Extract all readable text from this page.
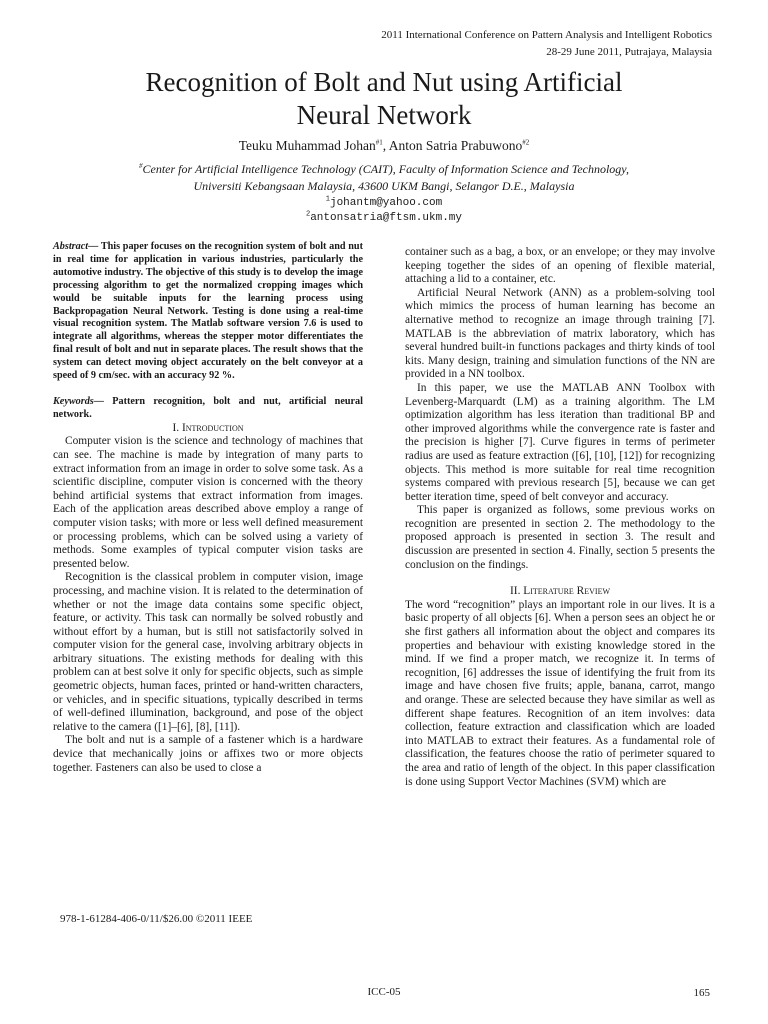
2011 International Conference on Pattern Analysis and Intelligent Robotics
28-29 June 2011, Putrajaya, Malaysia
Recognition of Bolt and Nut using Artificial
Neural Network
Teuku Muhammad Johan$^{\#1}$, Anton Satria Prabuwono$^{\#2}$
#Center for Artificial Intelligence Technology (CAIT), Faculty of Information Science and Technology,
Universiti Kebangsaan Malaysia, 43600 UKM Bangi, Selangor D.E., Malaysia
$^1$johantm@yahoo.com
$^2$antonsatria@ftsm.ukm.my

Abstract— This paper focuses on the recognition system of bolt and nut in real time for application in various industries, particularly the automotive industry. The objective of this study is to develop the image processing algorithm to get the normalized cropping images which would be suitable inputs for the learning process using Backpropagation Neural Network. Testing is done using a real-time visual recognition system. The Matlab software version 7.6 is used to integrate all algorithms, whereas the stepper motor differentiates the final result of bolt and nut in separate places. The result shows that the system can detect moving object accurately on the belt conveyor at a speed of 9 cm/sec. with an accuracy 92 %.

Keywords— Pattern recognition, bolt and nut, artificial neural network.

I. Introduction

Computer vision is the science and technology of machines that can see. The machine is made by integration of many parts to extract information from an image in order to solve some task. As a scientific discipline, computer vision is concerned with the theory behind artificial systems that extract information from images. Each of the application areas described above employ a range of computer vision tasks; with more or less well defined measurement or processing problems, which can be solved using a variety of methods. Some examples of typical computer vision tasks are presented below.

Recognition is the classical problem in computer vision, image processing, and machine vision. It is related to the determination of whether or not the image data contains some specific object, feature, or activity. This task can normally be solved robustly and without effort by a human, but is still not satisfactorily solved in computer vision for the general case, involving arbitrary objects in arbitrary situations. The existing methods for dealing with this problem can at best solve it only for specific objects, such as simple geometric objects, human faces, printed or hand-written characters, or vehicles, and in specific situations, typically described in terms of well-defined illumination, background, and pose of the object relative to the camera ([1]–[6], [8], [11]).

The bolt and nut is a sample of a fastener which is a hardware device that mechanically joins or affixes two or more objects together. Fasteners can also be used to close a

container such as a bag, a box, or an envelope; or they may involve keeping together the sides of an opening of flexible material, attaching a lid to a container, etc.

Artificial Neural Network (ANN) as a problem-solving tool which mimics the process of human learning has become an alternative method to recognize an image through training [7]. MATLAB is the abbreviation of matrix laboratory, which has several hundred built-in functions packages and thirty kinds of tool kits. Many design, training and simulation functions of the NN are provided in a NN toolbox.

In this paper, we use the MATLAB ANN Toolbox with Levenberg-Marquardt (LM) as a training algorithm. The LM optimization algorithm has less iteration than traditional BP and other improved algorithms while the convergence rate is faster and the precision is higher [7]. Curve figures in terms of perimeter radius are used as feature extraction ([6], [10], [12]) for recognizing objects. This method is more suitable for real time recognition systems compared with previous research [5], because we can get better iteration time, speed of belt conveyor and accuracy.

This paper is organized as follows, some previous works on recognition are presented in section 2. The methodology to the proposed approach is presented in section 3. The result and discussion are presented in section 4. Finally, section 5 presents the conclusion on the findings.

II. Literature Review

The word “recognition” plays an important role in our lives. It is a basic property of all objects [6]. When a person sees an object he or she first gathers all information about the object and compares its properties and behaviour with existing knowledge stored in the mind. If we find a proper match, we recognize it. In terms of recognition, [6] addresses the issue of identifying the fruit from its image and have chosen five fruits; apple, banana, carrot, mango and orange. These are selected because they have similar as well as different shape features. Recognition of an item involves: data collection, feature extraction and classification which are loaded into MATLAB to extract their features. As a fundamental role of classification, the features choose the ratio of perimeter squared to the area and ratio of length of the object. In this paper classification is done using Support Vector Machines (SVM) which are

978-1-61284-406-0/11/$26.00 ©2011 IEEE
ICC-05	165
